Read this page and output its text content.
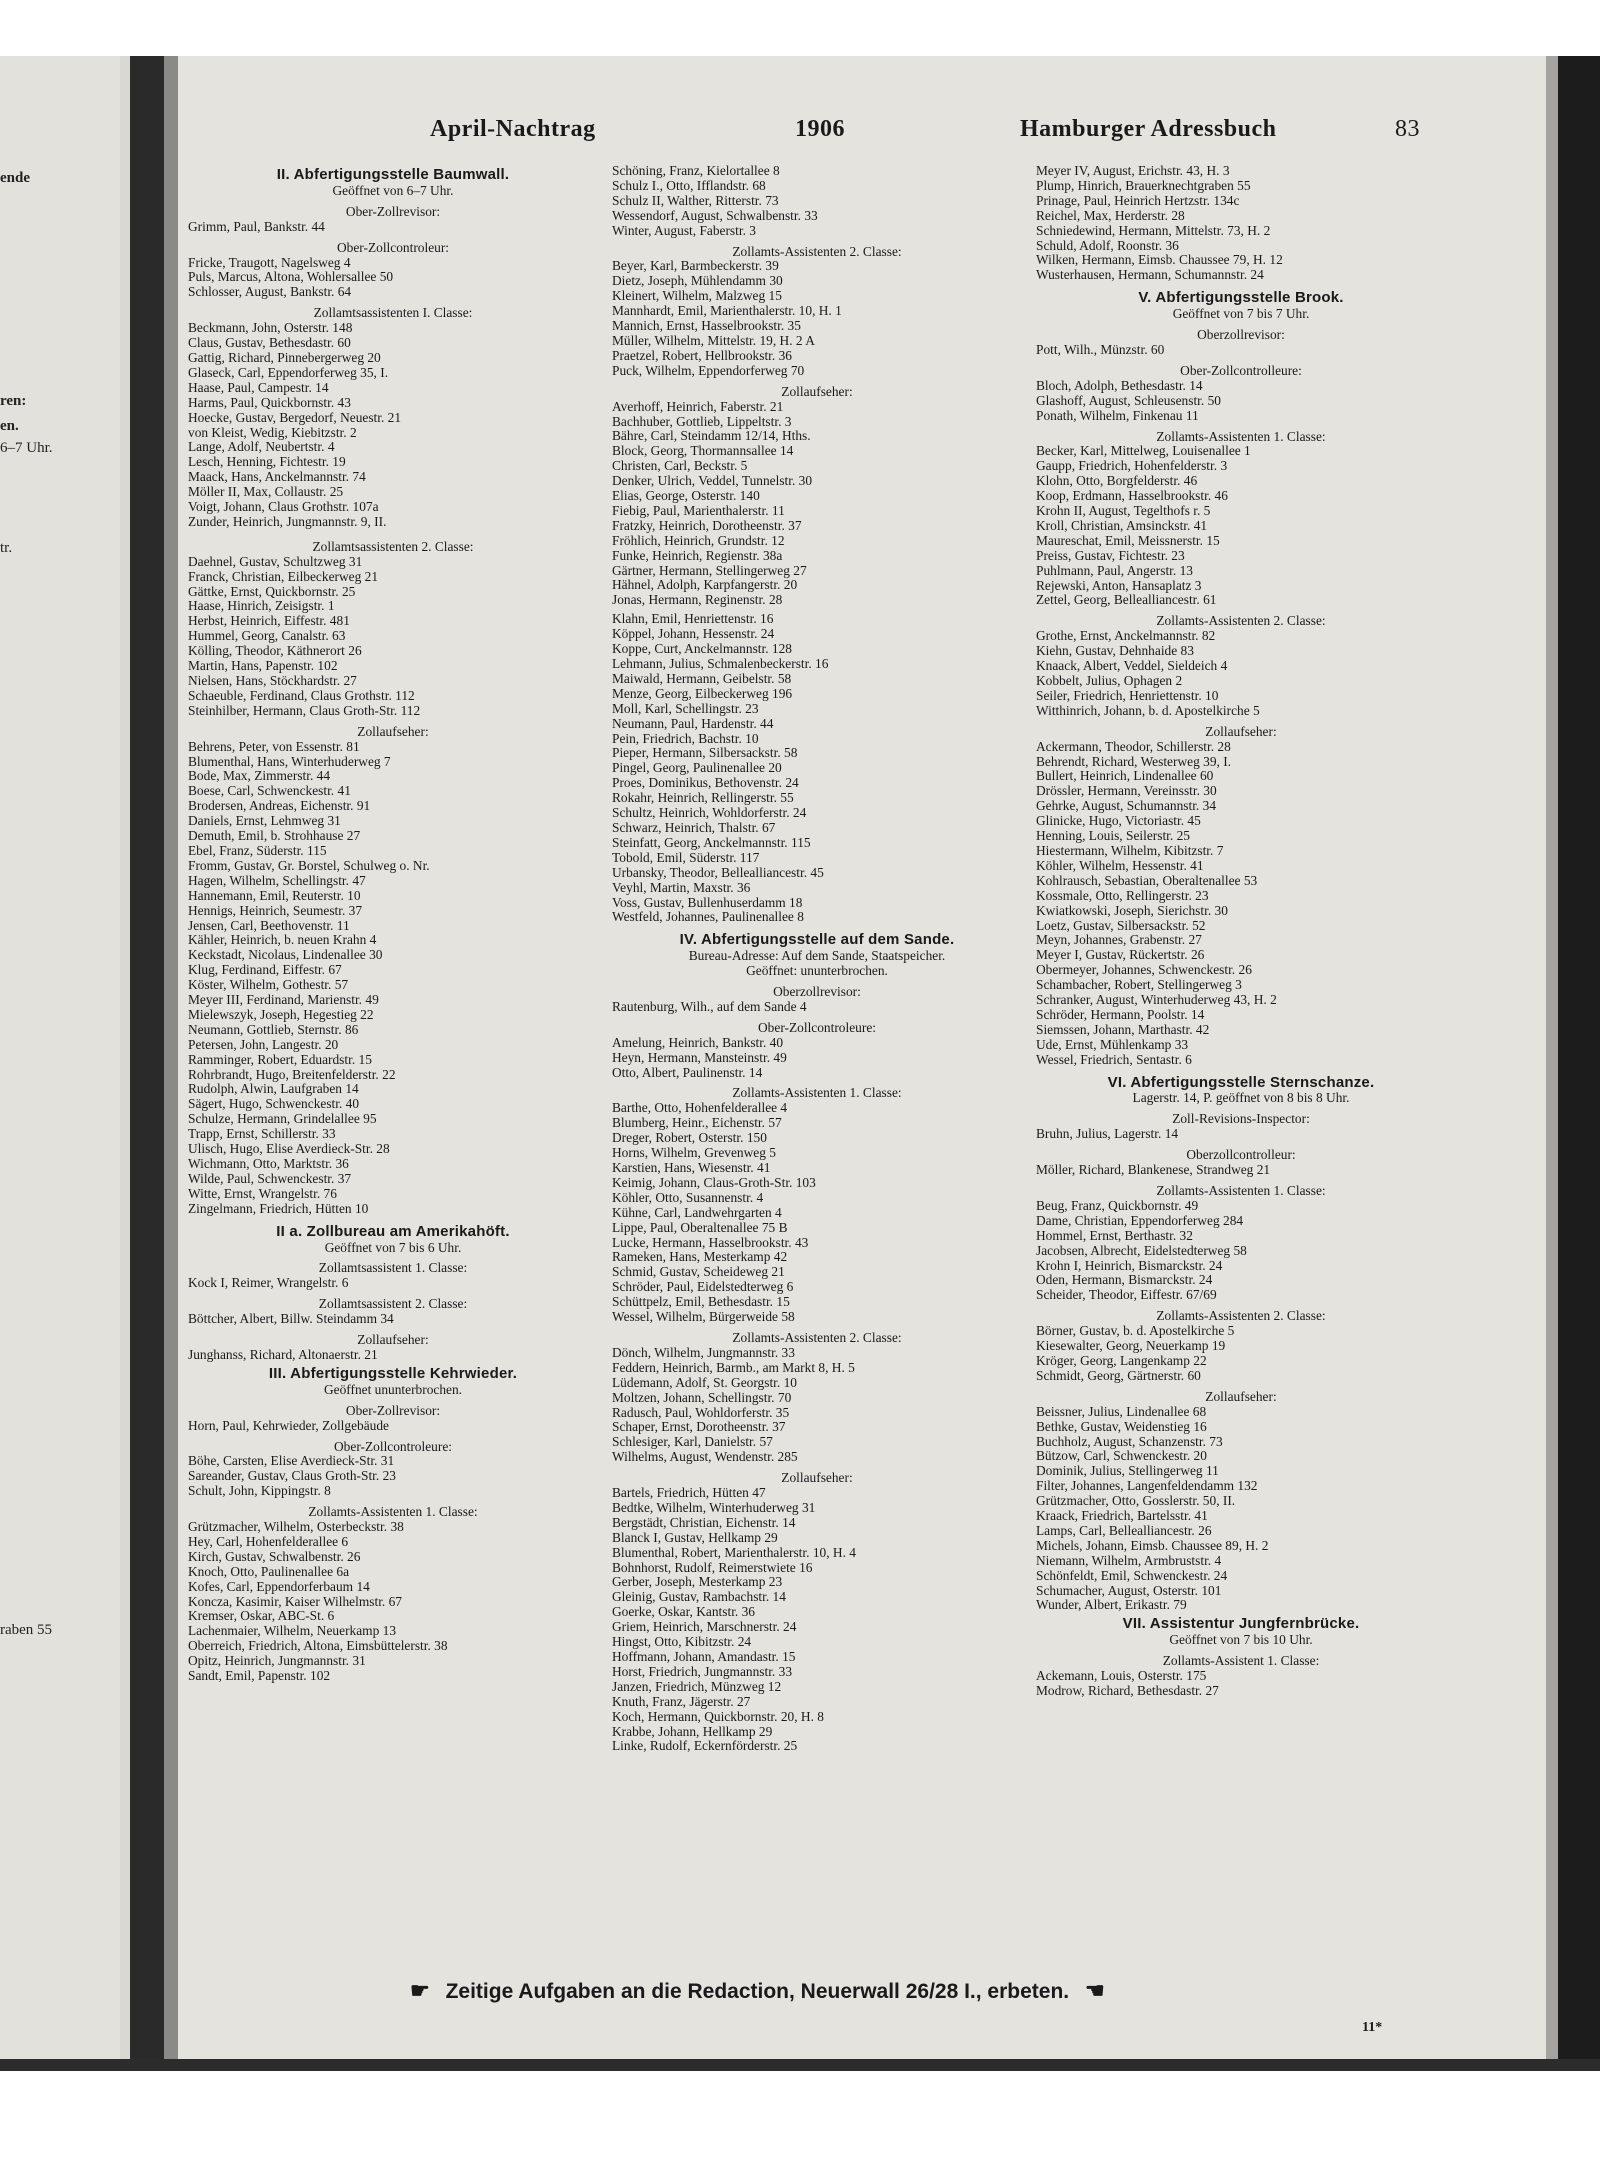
ende
ren:
en.
6–7 Uhr.
tr.
raben 55
April-Nachtrag	1906	Hamburger Adressbuch	83
II. Abfertigungsstelle Baumwall.
Geöffnet von 6–7 Uhr.
Ober-Zollrevisor:
Grimm, Paul, Bankstr. 44
Ober-Zollcontroleur:
Fricke, Traugott, Nagelsweg 4
Puls, Marcus, Altona, Wohlersallee 50
Schlosser, August, Bankstr. 64
Zollamtsassistenten I. Classe:
Beckmann, John, Osterstr. 148
Claus, Gustav, Bethesdastr. 60
Gattig, Richard, Pinnebergerweg 20
Glaseck, Carl, Eppendorferweg 35, I.
Haase, Paul, Campestr. 14
Harms, Paul, Quickbornstr. 43
Hoecke, Gustav, Bergedorf, Neuestr. 21
von Kleist, Wedig, Kiebitzstr. 2
Lange, Adolf, Neubertstr. 4
Lesch, Henning, Fichtestr. 19
Maack, Hans, Anckelmannstr. 74
Möller II, Max, Collaustr. 25
Voigt, Johann, Claus Grothstr. 107a
Zunder, Heinrich, Jungmannstr. 9, II.
Zollamtsassistenten 2. Classe:
Daehnel, Gustav, Schultzweg 31
Franck, Christian, Eilbeckerweg 21
Gättke, Ernst, Quickbornstr. 25
Haase, Hinrich, Zeisigstr. 1
Herbst, Heinrich, Eiffestr. 481
Hummel, Georg, Canalstr. 63
Kölling, Theodor, Käthnerort 26
Martin, Hans, Papenstr. 102
Nielsen, Hans, Stöckhardstr. 27
Schaeuble, Ferdinand, Claus Grothstr. 112
Steinhilber, Hermann, Claus Groth-Str. 112
Zollaufseher:
Behrens, Peter, von Essenstr. 81
Blumenthal, Hans, Winterhuderweg 7
Bode, Max, Zimmerstr. 44
Boese, Carl, Schwenckestr. 41
Brodersen, Andreas, Eichenstr. 91
Daniels, Ernst, Lehmweg 31
Demuth, Emil, b. Strohhause 27
Ebel, Franz, Süderstr. 115
Fromm, Gustav, Gr. Borstel, Schulweg o. Nr.
Hagen, Wilhelm, Schellingstr. 47
Hannemann, Emil, Reuterstr. 10
Hennigs, Heinrich, Seumestr. 37
Jensen, Carl, Beethovenstr. 11
Kähler, Heinrich, b. neuen Krahn 4
Keckstadt, Nicolaus, Lindenallee 30
Klug, Ferdinand, Eiffestr. 67
Köster, Wilhelm, Gothestr. 57
Meyer III, Ferdinand, Marienstr. 49
Mielewszyk, Joseph, Hegestieg 22
Neumann, Gottlieb, Sternstr. 86
Petersen, John, Langestr. 20
Ramminger, Robert, Eduardstr. 15
Rohrbrandt, Hugo, Breitenfelderstr. 22
Rudolph, Alwin, Laufgraben 14
Sägert, Hugo, Schwenckestr. 40
Schulze, Hermann, Grindelallee 95
Trapp, Ernst, Schillerstr. 33
Ulisch, Hugo, Elise Averdieck-Str. 28
Wichmann, Otto, Marktstr. 36
Wilde, Paul, Schwenckestr. 37
Witte, Ernst, Wrangelstr. 76
Zingelmann, Friedrich, Hütten 10
II a. Zollbureau am Amerikahöft.
Geöffnet von 7 bis 6 Uhr.
Zollamtsassistent 1. Classe:
Kock I, Reimer, Wrangelstr. 6
Zollamtsassistent 2. Classe:
Böttcher, Albert, Billw. Steindamm 34
Zollaufseher:
Junghanss, Richard, Altonaerstr. 21
III. Abfertigungsstelle Kehrwieder.
Geöffnet ununterbrochen.
Ober-Zollrevisor:
Horn, Paul, Kehrwieder, Zollgebäude
Ober-Zollcontroleure:
Böhe, Carsten, Elise Averdieck-Str. 31
Sareander, Gustav, Claus Groth-Str. 23
Schult, John, Kippingstr. 8
Zollamts-Assistenten 1. Classe:
Grützmacher, Wilhelm, Osterbeckstr. 38
Hey, Carl, Hohenfelderallee 6
Kirch, Gustav, Schwalbenstr. 26
Knoch, Otto, Paulinenallee 6a
Kofes, Carl, Eppendorferbaum 14
Koncza, Kasimir, Kaiser Wilhelmstr. 67
Kremser, Oskar, ABC-St. 6
Lachenmaier, Wilhelm, Neuerkamp 13
Oberreich, Friedrich, Altona, Eimsbüttelerstr. 38
Opitz, Heinrich, Jungmannstr. 31
Sandt, Emil, Papenstr. 102
Schöning, Franz, Kielortallee 8
Schulz I., Otto, Ifflandstr. 68
Schulz II, Walther, Ritterstr. 73
Wessendorf, August, Schwalbenstr. 33
Winter, August, Faberstr. 3
Zollamts-Assistenten 2. Classe:
Beyer, Karl, Barmbeckerstr. 39
Dietz, Joseph, Mühlendamm 30
Kleinert, Wilhelm, Malzweg 15
Mannhardt, Emil, Marienthalerstr. 10, H. 1
Mannich, Ernst, Hasselbrookstr. 35
Müller, Wilhelm, Mittelstr. 19, H. 2 A
Praetzel, Robert, Hellbrookstr. 36
Puck, Wilhelm, Eppendorferweg 70
Zollaufseher:
Averhoff, Heinrich, Faberstr. 21
Bachhuber, Gottlieb, Lippeltstr. 3
Bähre, Carl, Steindamm 12/14, Hths.
Block, Georg, Thormannsallee 14
Christen, Carl, Beckstr. 5
Denker, Ulrich, Veddel, Tunnelstr. 30
Elias, George, Osterstr. 140
Fiebig, Paul, Marienthalerstr. 11
Fratzky, Heinrich, Dorotheenstr. 37
Fröhlich, Heinrich, Grundstr. 12
Funke, Heinrich, Regienstr. 38a
Gärtner, Hermann, Stellingerweg 27
Hähnel, Adolph, Karpfangerstr. 20
Jonas, Hermann, Reginenstr. 28
Klahn, Emil, Henriettenstr. 16
Köppel, Johann, Hessenstr. 24
Koppe, Curt, Anckelmannstr. 128
Lehmann, Julius, Schmalenbeckerstr. 16
Maiwald, Hermann, Geibelstr. 58
Menze, Georg, Eilbeckerweg 196
Moll, Karl, Schellingstr. 23
Neumann, Paul, Hardenstr. 44
Pein, Friedrich, Bachstr. 10
Pieper, Hermann, Silbersackstr. 58
Pingel, Georg, Paulinenallee 20
Proes, Dominikus, Bethovenstr. 24
Rokahr, Heinrich, Rellingerstr. 55
Schultz, Heinrich, Wohldorferstr. 24
Schwarz, Heinrich, Thalstr. 67
Steinfatt, Georg, Anckelmannstr. 115
Tobold, Emil, Süderstr. 117
Urbansky, Theodor, Bellealliancestr. 45
Veyhl, Martin, Maxstr. 36
Voss, Gustav, Bullenhuserdamm 18
Westfeld, Johannes, Paulinenallee 8
IV. Abfertigungsstelle auf dem Sande.
Bureau-Adresse: Auf dem Sande, Staatspeicher.
Geöffnet: ununterbrochen.
Oberzollrevisor:
Rautenburg, Wilh., auf dem Sande 4
Ober-Zollcontroleure:
Amelung, Heinrich, Bankstr. 40
Heyn, Hermann, Mansteinstr. 49
Otto, Albert, Paulinenstr. 14
Zollamts-Assistenten 1. Classe:
Barthe, Otto, Hohenfelderallee 4
Blumberg, Heinr., Eichenstr. 57
Dreger, Robert, Osterstr. 150
Horns, Wilhelm, Grevenweg 5
Karstien, Hans, Wiesenstr. 41
Keimig, Johann, Claus-Groth-Str. 103
Köhler, Otto, Susannenstr. 4
Kühne, Carl, Landwehrgarten 4
Lippe, Paul, Oberaltenallee 75 B
Lucke, Hermann, Hasselbrookstr. 43
Rameken, Hans, Mesterkamp 42
Schmid, Gustav, Scheideweg 21
Schröder, Paul, Eidelstedterweg 6
Schüttpelz, Emil, Bethesdastr. 15
Wessel, Wilhelm, Bürgerweide 58
Zollamts-Assistenten 2. Classe:
Dönch, Wilhelm, Jungmannstr. 33
Feddern, Heinrich, Barmb., am Markt 8, H. 5
Lüdemann, Adolf, St. Georgstr. 10
Moltzen, Johann, Schellingstr. 70
Radusch, Paul, Wohldorferstr. 35
Schaper, Ernst, Dorotheenstr. 37
Schlesiger, Karl, Danielstr. 57
Wilhelms, August, Wendenstr. 285
Zollaufseher:
Bartels, Friedrich, Hütten 47
Bedtke, Wilhelm, Winterhuderweg 31
Bergstädt, Christian, Eichenstr. 14
Blanck I, Gustav, Hellkamp 29
Blumenthal, Robert, Marienthalerstr. 10, H. 4
Bohnhorst, Rudolf, Reimerstwiete 16
Gerber, Joseph, Mesterkamp 23
Gleinig, Gustav, Rambachstr. 14
Goerke, Oskar, Kantstr. 36
Griem, Heinrich, Marschnerstr. 24
Hingst, Otto, Kibitzstr. 24
Hoffmann, Johann, Amandastr. 15
Horst, Friedrich, Jungmannstr. 33
Janzen, Friedrich, Münzweg 12
Knuth, Franz, Jägerstr. 27
Koch, Hermann, Quickbornstr. 20, H. 8
Krabbe, Johann, Hellkamp 29
Linke, Rudolf, Eckernförderstr. 25
Meyer IV, August, Erichstr. 43, H. 3
Plump, Hinrich, Brauerknechtgraben 55
Prinage, Paul, Heinrich Hertzstr. 134c
Reichel, Max, Herderstr. 28
Schniedewind, Hermann, Mittelstr. 73, H. 2
Schuld, Adolf, Roonstr. 36
Wilken, Hermann, Eimsb. Chaussee 79, H. 12
Wusterhausen, Hermann, Schumannstr. 24
V. Abfertigungsstelle Brook.
Geöffnet von 7 bis 7 Uhr.
Oberzollrevisor:
Pott, Wilh., Münzstr. 60
Ober-Zollcontrolleure:
Bloch, Adolph, Bethesdastr. 14
Glashoff, August, Schleusenstr. 50
Ponath, Wilhelm, Finkenau 11
Zollamts-Assistenten 1. Classe:
Becker, Karl, Mittelweg, Louisenallee 1
Gaupp, Friedrich, Hohenfelderstr. 3
Klohn, Otto, Borgfelderstr. 46
Koop, Erdmann, Hasselbrookstr. 46
Krohn II, August, Tegelthofs r. 5
Kroll, Christian, Amsinckstr. 41
Maureschat, Emil, Meissnerstr. 15
Preiss, Gustav, Fichtestr. 23
Puhlmann, Paul, Angerstr. 13
Rejewski, Anton, Hansaplatz 3
Zettel, Georg, Bellealliancestr. 61
Zollamts-Assistenten 2. Classe:
Grothe, Ernst, Anckelmannstr. 82
Kiehn, Gustav, Dehnhaide 83
Knaack, Albert, Veddel, Sieldeich 4
Kobbelt, Julius, Ophagen 2
Seiler, Friedrich, Henriettenstr. 10
Witthinrich, Johann, b. d. Apostelkirche 5
Zollaufseher:
Ackermann, Theodor, Schillerstr. 28
Behrendt, Richard, Westerweg 39, I.
Bullert, Heinrich, Lindenallee 60
Drössler, Hermann, Vereinsstr. 30
Gehrke, August, Schumannstr. 34
Glinicke, Hugo, Victoriastr. 45
Henning, Louis, Seilerstr. 25
Hiestermann, Wilhelm, Kibitzstr. 7
Köhler, Wilhelm, Hessenstr. 41
Kohlrausch, Sebastian, Oberaltenallee 53
Kossmale, Otto, Rellingerstr. 23
Kwiatkowski, Joseph, Sierichstr. 30
Loetz, Gustav, Silbersackstr. 52
Meyn, Johannes, Grabenstr. 27
Meyer I, Gustav, Rückertstr. 26
Obermeyer, Johannes, Schwenckestr. 26
Schambacher, Robert, Stellingerweg 3
Schranker, August, Winterhuderweg 43, H. 2
Schröder, Hermann, Poolstr. 14
Siemssen, Johann, Marthastr. 42
Ude, Ernst, Mühlenkamp 33
Wessel, Friedrich, Sentastr. 6
VI. Abfertigungsstelle Sternschanze.
Lagerstr. 14, P. geöffnet von 8 bis 8 Uhr.
Zoll-Revisions-Inspector:
Bruhn, Julius, Lagerstr. 14
Oberzollcontrolleur:
Möller, Richard, Blankenese, Strandweg 21
Zollamts-Assistenten 1. Classe:
Beug, Franz, Quickbornstr. 49
Dame, Christian, Eppendorferweg 284
Hommel, Ernst, Berthastr. 32
Jacobsen, Albrecht, Eidelstedterweg 58
Krohn I, Heinrich, Bismarckstr. 24
Oden, Hermann, Bismarckstr. 24
Scheider, Theodor, Eiffestr. 67/69
Zollamts-Assistenten 2. Classe:
Börner, Gustav, b. d. Apostelkirche 5
Kiesewalter, Georg, Neuerkamp 19
Kröger, Georg, Langenkamp 22
Schmidt, Georg, Gärtnerstr. 60
Zollaufseher:
Beissner, Julius, Lindenallee 68
Bethke, Gustav, Weidenstieg 16
Buchholz, August, Schanzenstr. 73
Bützow, Carl, Schwenckestr. 20
Dominik, Julius, Stellingerweg 11
Filter, Johannes, Langenfeldendamm 132
Grützmacher, Otto, Gosslerstr. 50, II.
Kraack, Friedrich, Bartelsstr. 41
Lamps, Carl, Bellealliancestr. 26
Michels, Johann, Eimsb. Chaussee 89, H. 2
Niemann, Wilhelm, Armbruststr. 4
Schönfeldt, Emil, Schwenckestr. 24
Schumacher, August, Osterstr. 101
Wunder, Albert, Erikastr. 79
VII. Assistentur Jungfernbrücke.
Geöffnet von 7 bis 10 Uhr.
Zollamts-Assistent 1. Classe:
Ackemann, Louis, Osterstr. 175
Modrow, Richard, Bethesdastr. 27
☛ Zeitige Aufgaben an die Redaction, Neuerwall 26/28 I., erbeten. ☚
11*
